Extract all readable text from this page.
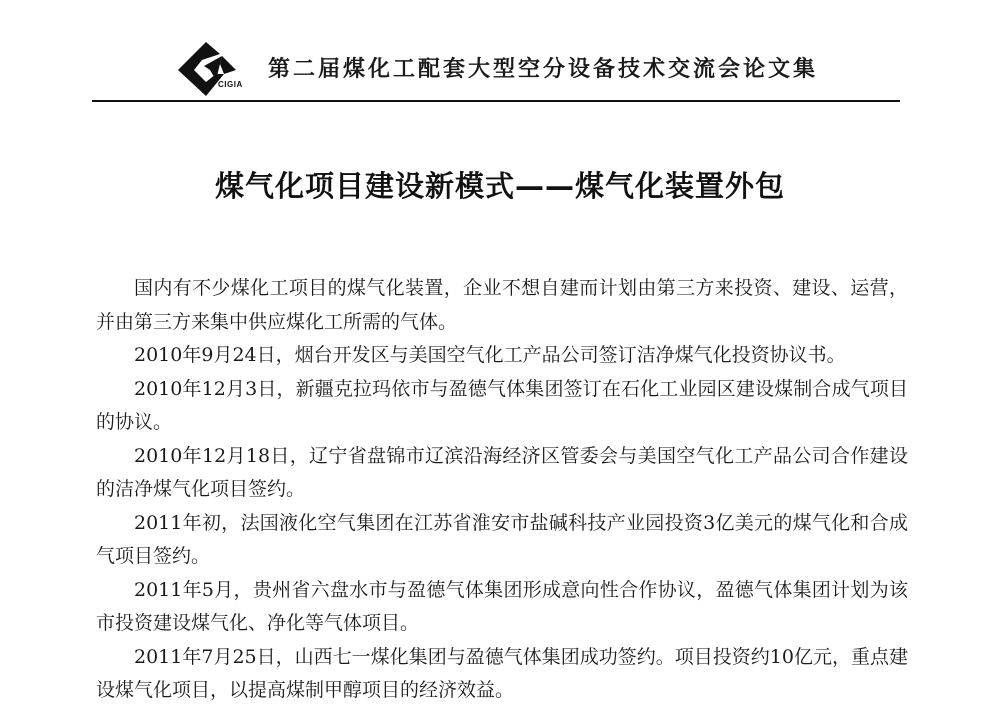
CIGIA
第二届煤化工配套大型空分设备技术交流会论文集
煤气化项目建设新模式——煤气化装置外包

国内有不少煤化工项目的煤气化装置，企业不想自建而计划由第三方来投资、建设、运营，并由第三方来集中供应煤化工所需的气体。

2010年9月24日，烟台开发区与美国空气化工产品公司签订洁净煤气化投资协议书。

2010年12月3日，新疆克拉玛依市与盈德气体集团签订在石化工业园区建设煤制合成气项目的协议。

2010年12月18日，辽宁省盘锦市辽滨沿海经济区管委会与美国空气化工产品公司合作建设的洁净煤气化项目签约。

2011年初，法国液化空气集团在江苏省淮安市盐碱科技产业园投资3亿美元的煤气化和合成气项目签约。

2011年5月，贵州省六盘水市与盈德气体集团形成意向性合作协议，盈德气体集团计划为该市投资建设煤气化、净化等气体项目。

2011年7月25日，山西七一煤化集团与盈德气体集团成功签约。项目投资约10亿元，重点建设煤气化项目，以提高煤制甲醇项目的经济效益。
